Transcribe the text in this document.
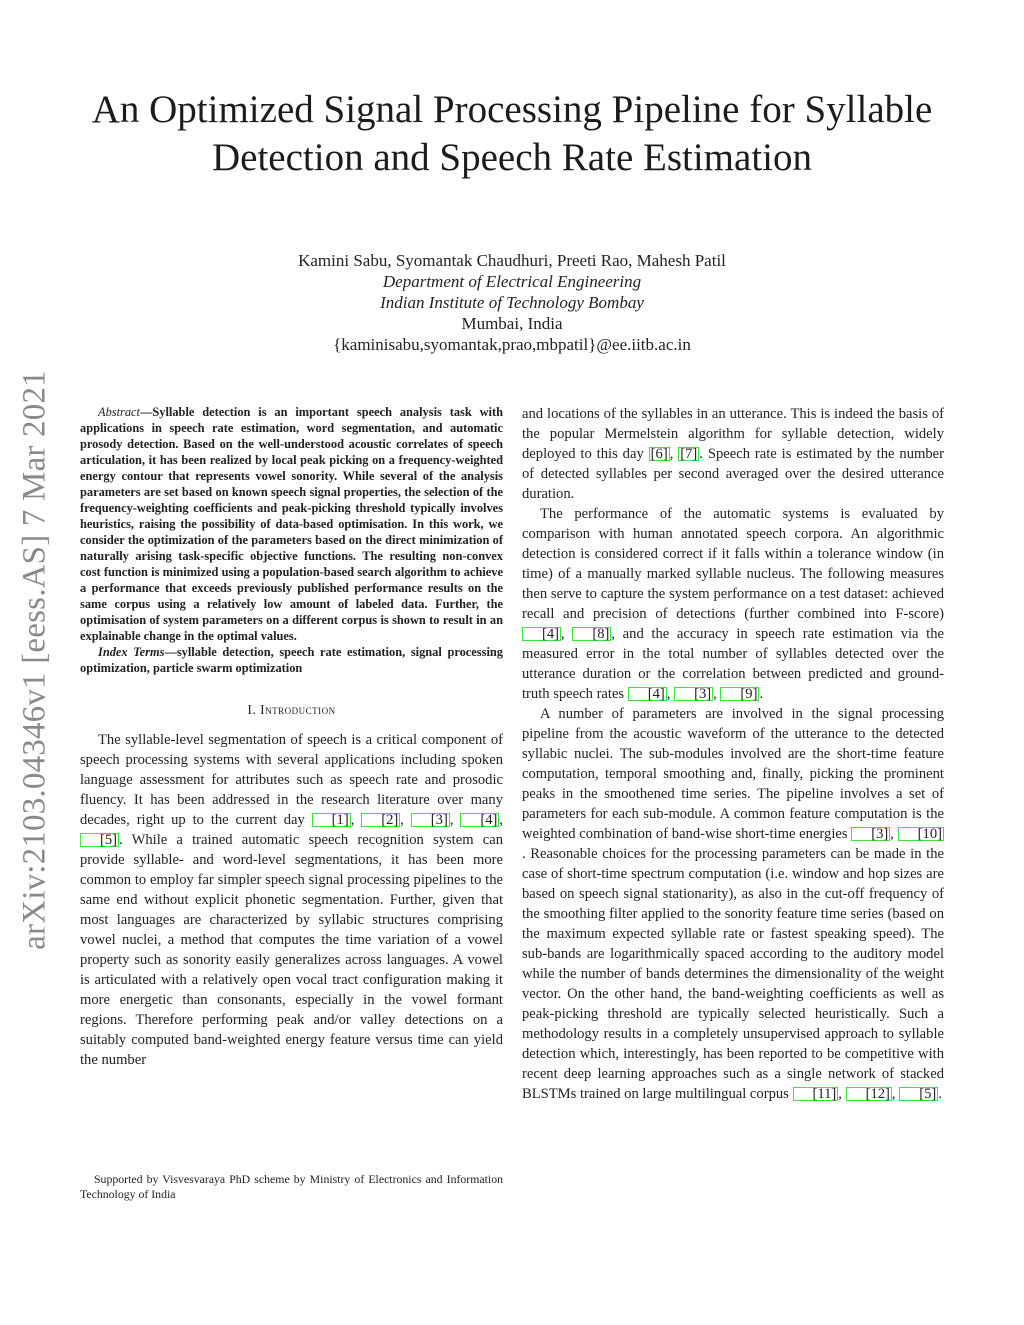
arXiv:2103.04346v1 [eess.AS] 7 Mar 2021
An Optimized Signal Processing Pipeline for Syllable Detection and Speech Rate Estimation
Kamini Sabu, Syomantak Chaudhuri, Preeti Rao, Mahesh Patil
Department of Electrical Engineering
Indian Institute of Technology Bombay
Mumbai, India
{kaminisabu,syomantak,prao,mbpatil}@ee.iitb.ac.in

Abstract—Syllable detection is an important speech analysis task with applications in speech rate estimation, word segmentation, and automatic prosody detection. Based on the well-understood acoustic correlates of speech articulation, it has been realized by local peak picking on a frequency-weighted energy contour that represents vowel sonority. While several of the analysis parameters are set based on known speech signal properties, the selection of the frequency-weighting coefficients and peak-picking threshold typically involves heuristics, raising the possibility of data-based optimisation. In this work, we consider the optimization of the parameters based on the direct minimization of naturally arising task-specific objective functions. The resulting non-convex cost function is minimized using a population-based search algorithm to achieve a performance that exceeds previously published performance results on the same corpus using a relatively low amount of labeled data. Further, the optimisation of system parameters on a different corpus is shown to result in an explainable change in the optimal values.

Index Terms—syllable detection, speech rate estimation, signal processing optimization, particle swarm optimization

I. Introduction

The syllable-level segmentation of speech is a critical component of speech processing systems with several applications including spoken language assessment for attributes such as speech rate and prosodic fluency. It has been addressed in the research literature over many decades, right up to the current day [1] , [2] , [3] , [4] , [5] . While a trained automatic speech recognition system can provide syllable- and word-level segmentations, it has been more common to employ far simpler speech signal processing pipelines to the same end without explicit phonetic segmentation. Further, given that most languages are characterized by syllabic structures comprising vowel nuclei, a method that computes the time variation of a vowel property such as sonority easily generalizes across languages. A vowel is articulated with a relatively open vocal tract configuration making it more energetic than consonants, especially in the vowel formant regions. Therefore performing peak and/or valley detections on a suitably computed band-weighted energy feature versus time can yield the number

Supported by Visvesvaraya PhD scheme by Ministry of Electronics and Information Technology of India

and locations of the syllables in an utterance. This is indeed the basis of the popular Mermelstein algorithm for syllable detection, widely deployed to this day [6] , [7] . Speech rate is estimated by the number of detected syllables per second averaged over the desired utterance duration.

The performance of the automatic systems is evaluated by comparison with human annotated speech corpora. An algorithmic detection is considered correct if it falls within a tolerance window (in time) of a manually marked syllable nucleus. The following measures then serve to capture the system performance on a test dataset: achieved recall and precision of detections (further combined into F-score) [4] , [8] , and the accuracy in speech rate estimation via the measured error in the total number of syllables detected over the utterance duration or the correlation between predicted and ground-truth speech rates [4] , [3] , [9] .

A number of parameters are involved in the signal processing pipeline from the acoustic waveform of the utterance to the detected syllabic nuclei. The sub-modules involved are the short-time feature computation, temporal smoothing and, finally, picking the prominent peaks in the smoothened time series. The pipeline involves a set of parameters for each sub-module. A common feature computation is the weighted combination of band-wise short-time energies [3] , [10]. Reasonable choices for the processing parameters can be made in the case of short-time spectrum computation (i.e. window and hop sizes are based on speech signal stationarity), as also in the cut-off frequency of the smoothing filter applied to the sonority feature time series (based on the maximum expected syllable rate or fastest speaking speed). The sub-bands are logarithmically spaced according to the auditory model while the number of bands determines the dimensionality of the weight vector. On the other hand, the band-weighting coefficients as well as peak-picking threshold are typically selected heuristically. Such a methodology results in a completely unsupervised approach to syllable detection which, interestingly, has been reported to be competitive with recent deep learning approaches such as a single network of stacked BLSTMs trained on large multilingual corpus [11] , [12] , [5] .
